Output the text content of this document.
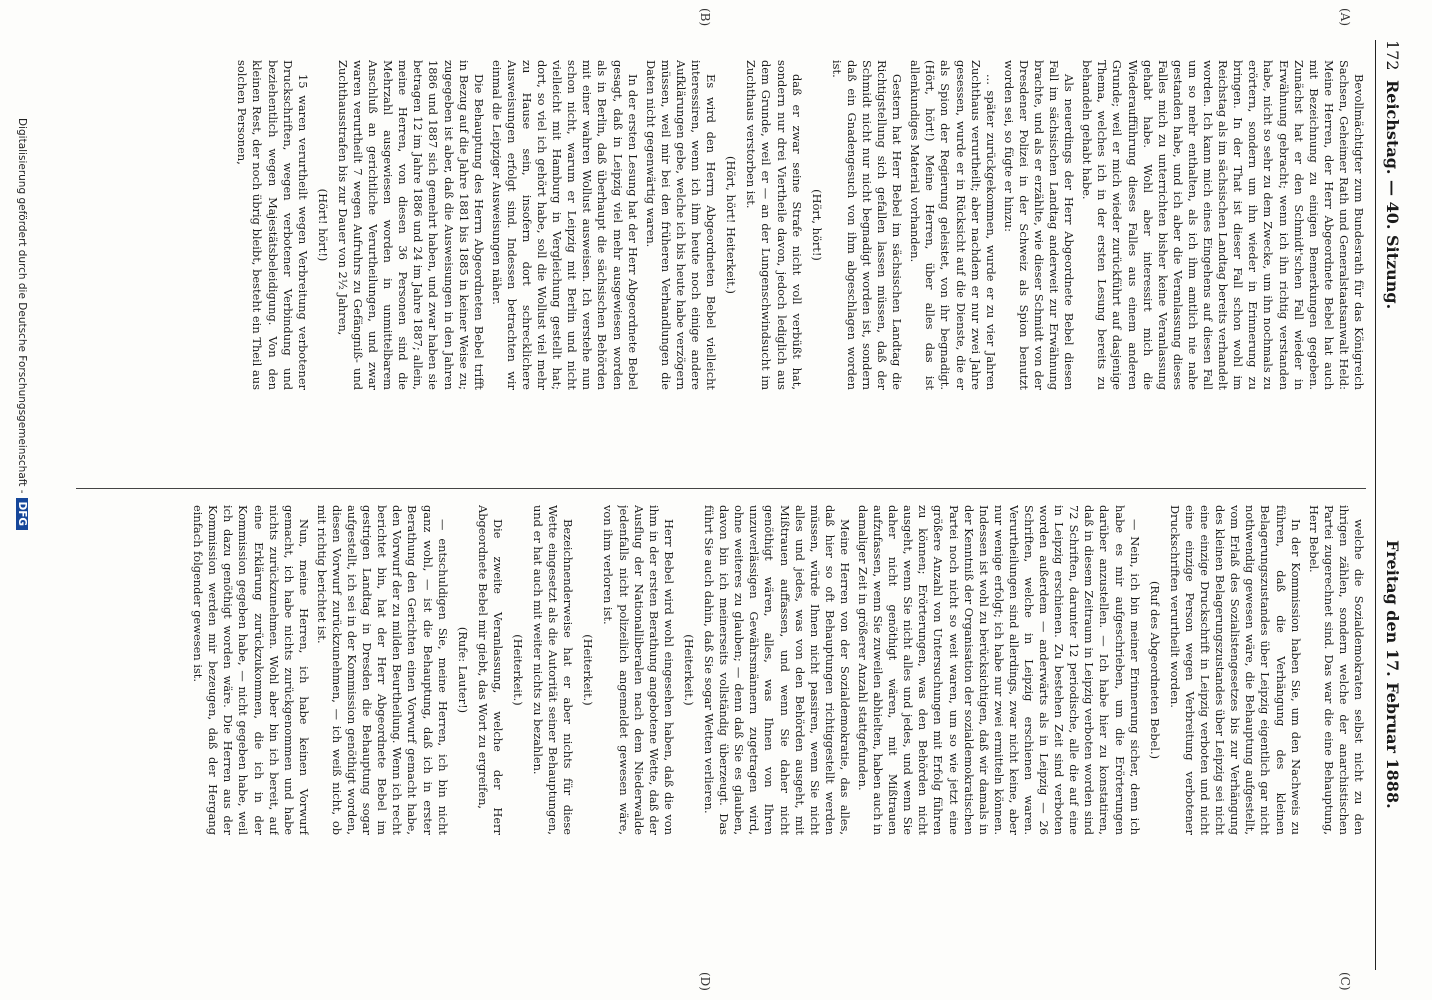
172
Reichstag. — 40. Sitzung.
Freitag den 17. Februar 1888.
(A)
(B)
(C)
(D)

Bevollmächtigter zum Bundesrath für das Königreich Sachsen, Geheimer Rath und Generalstaatsanwalt Held: Meine Herren, der Herr Abgeordnete Bebel hat auch mit Bezeichnung zu einigen Bemerkungen gegeben. Zunächst hat er den Schmidt'schen Fall wieder in Erwähnung gebracht; wenn ich ihn richtig verstanden habe, nicht so sehr zu dem Zwecke, um ihn nochmals zu erörtern, sondern um ihn wieder in Erinnerung zu bringen. In der That ist dieser Fall schon wohl im Reichstag als im sächsischen Landtag bereits verhandelt worden. Ich kann mich eines Eingehens auf diesen Fall um so mehr enthalten, als ich ihm amtlich nie nahe gestanden habe, und ich aber die Veranlassung dieses Falles mich zu unterrichten bisher keine Veranlassung gehabt habe. Wohl aber interessirt mich die Wiederaufführung dieses Falles aus einem anderen Grunde; weil er mich wieder zurückführt auf dasjenige Thema, welches ich in der ersten Lesung bereits zu behandeln gehabt habe.

Als neuerdings der Herr Abgeordnete Bebel diesen Fall im sächsischen Landtag anderweit zur Erwähnung brachte, und als er erzählte, wie dieser Schmidt von der Dresdener Polizei in der Schweiz als Spion benutzt worden sei, so fügte er hinzu:

... später zurückgekommen, wurde er zu vier Jahren Zuchthaus verurtheilt; aber nachdem er nur zwei Jahre gesessen, wurde er in Rücksicht auf die Dienste, die er als Spion der Regierung geleistet, von ihr begnadigt. (Hört, hört!) Meine Herren, über alles das ist allenkundiges Material vorhanden.

Gestern hat Herr Bebel im sächsischen Landtag die Richtigstellung sich gefallen lassen müssen, daß der Schmidt nicht nur nicht begnadigt worden ist, sondern daß ein Gnadengesuch von ihm abgeschlagen worden ist.

(Hört, hört!)

daß er zwar seine Strafe nicht voll verbüßt hat, sondern nur drei Viertheile davon, jedoch lediglich aus dem Grunde, weil er — an der Lungenschwindsucht im Zuchthaus verstorben ist.

(Hört, hört! Heiterkeit.)

Es wird den Herrn Abgeordneten Bebel vielleicht interessiren, wenn ich ihm heute noch einige andere Aufklärungen gebe, welche ich bis heute habe verzögern müssen, weil mir bei den früheren Verhandlungen die Daten nicht gegenwärtig waren.

In der ersten Lesung hat der Herr Abgeordnete Bebel gesagt, daß in Leipzig viel mehr ausgewiesen worden als in Berlin, daß überhaupt die sächsischen Behörden mit einer wahren Wollust ausweisen. Ich verstehe nun schon nicht, warum er Leipzig mit Berlin und nicht vielleicht mit Hamburg in Vergleichung gestellt hat; dort, so viel ich gehört habe, soll die Wollust viel mehr zu Hause sein, insofern dort schrecklichere Ausweisungen erfolgt sind. Indessen betrachten wir einmal die Leipziger Ausweisungen näher.

Die Behauptung des Herrn Abgeordneten Bebel trifft in Bezug auf die Jahre 1881 bis 1885 in keiner Weise zu; zugegeben ist aber, daß die Ausweisungen in den Jahren 1886 und 1887 sich gemehrt haben, und zwar haben sie betragen 12 im Jahre 1886 und 24 im Jahre 1887; allein, meine Herren, von diesen 36 Personen sind die Mehrzahl ausgewiesen worden in unmittelbarem Anschluß an gerichtliche Verurtheilungen, und zwar waren verurtheilt 7 wegen Aufruhrs zu Gefängniß- und Zuchthausstrafen bis zur Dauer von 2½ Jahren,

(Hört! hört!)

15 waren verurtheilt wegen Verbreitung verbotener Druckschriften, wegen verbotener Verbindung und beziehentlich wegen Majestätsbeleidigung. Von den kleinen Rest, der noch übrig bleibt, besteht ein Theil aus solchen Personen,

welche die Sozialdemokraten selbst nicht zu den ihrigen zählen, sondern welche der anarchistischen Partei zugerechnet sind. Das war die eine Behauptung, Herr Bebel.

In der Kommission haben Sie, um den Nachweis zu führen, daß die Verhängung des kleinen Belagerungszustandes über Leipzig eigentlich gar nicht nothwendig gewesen wäre, die Behauptung aufgestellt, vom Erlaß des Sozialistengesetzes bis zur Verhängung des kleinen Belagerungszustandes über Leipzig sei nicht eine einzige Druckschrift in Leipzig verboten und nicht eine einzige Person wegen Verbreitung verbotener Druckschriften verurtheilt worden.

(Ruf des Abgeordneten Bebel.)

— Nein, ich bin meiner Erinnerung sicher, denn ich habe es mir aufgeschrieben, um die Erörterungen darüber anzustellen. — Ich habe hier zu konstatiren, daß in diesem Zeitraum in Leipzig verboten worden sind 72 Schriften, darunter 12 periodische, alle die auf eine in Leipzig erschienen. Zu bestehen Zeit sind verboten worden außerdem — anderwärts als in Leipzig — 26 Schriften, welche in Leipzig erschienen waren. Verurtheilungen sind allerdings, zwar nicht keine, aber nur wenige erfolgt; ich habe nur zwei ermitteln können. Indessen ist wohl zu berücksichtigen, daß wir damals in der Kenntniß der Organisation der sozialdemokratischen Partei noch nicht so weit waren, um so wie jetzt eine größere Anzahl von Untersuchungen mit Erfolg führen zu können; Erörterungen, was den Behörden nicht ausgeht, wenn Sie nicht alles und jedes, und wenn Sie daher nicht genöthigt wären, mit Mißtrauen aufzufassen, wenn Sie zuweilen abhielten, haben auch in damaliger Zeit in größerer Anzahl stattgefunden.

Meine Herren von der Sozialdemokratie, das alles, daß hier so oft Behauptungen richtiggestellt werden müssen, würde Ihnen nicht passiren, wenn Sie nicht alles und jedes, was von den Behörden ausgeht, mit Mißtrauen auffassen, und wenn Sie daher nicht genöthigt wären, alles, was Ihnen von Ihren unzuverlässigen Gewährsmännern zugetragen wird, ohne weiteres zu glauben; — denn daß Sie es glauben, davon bin ich meinerseits vollständig überzeugt. Das führt Sie auch dahin, daß Sie sogar Wetten verlieren.

(Heiterkeit.)

Herr Bebel wird wohl eingesehen haben, daß die von ihm in der ersten Berathung angebotene Wette, daß der Ausflug der Nationalliberalen nach dem Niederwalde jedenfalls nicht polizeilich angemeldet gewesen wäre, von ihm verloren ist.

(Heiterkeit.)

Bezeichnenderweise hat er aber nichts für diese Wette eingesetzt als die Autorität seiner Behauptungen, und er hat auch mit weiter nichts zu bezahlen.

(Heiterkeit.)

Die zweite Veranlassung, welche der Herr Abgeordnete Bebel mir giebt, das Wort zu ergreifen,

(Rufe: Lauter!)

— entschuldigen Sie, meine Herren, ich bin nicht ganz wohl, — ist die Behauptung, daß ich in erster Berathung den Gerichten einen Vorwurf gemacht habe, den Vorwurf der zu milden Beurtheilung. Wenn ich recht berichtet bin, hat der Herr Abgeordnete Bebel im gestrigen Landtag in Dresden die Behauptung sogar aufgestellt, ich sei in der Kommission genöthigt worden, diesen Vorwurf zurückzunehmen, — ich weiß nicht, ob mit richtig berichtet ist.

Nun, meine Herren, ich habe keinen Vorwurf gemacht, ich habe nichts zurückgenommen und habe nichts zurückzunehmen. Wohl aber bin ich bereit, auf eine Erklärung zurückzukommen, die ich in der Kommission gegeben habe, — nicht gegeben habe, weil ich dazu genöthigt worden wäre. Die Herren aus der Kommission werden mir bezeugen, daß der Hergang einfach folgender gewesen ist.

Digitalisierung gefördert durch die Deutsche Forschungsgemeinschaft -DFG
